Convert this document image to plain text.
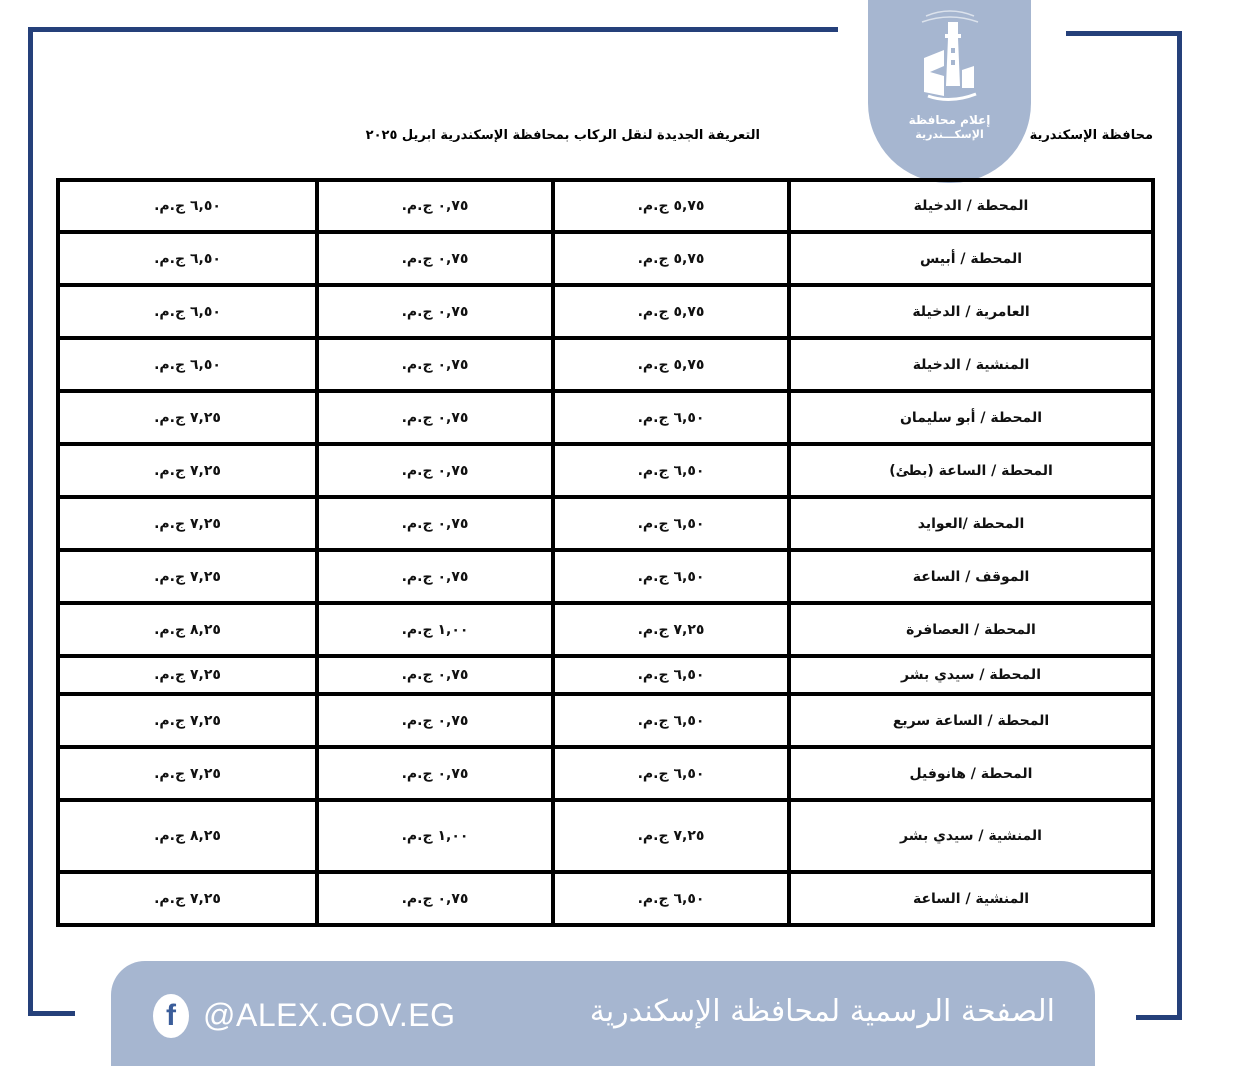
إعلام محافظة
الإسكـــندرية	محافظة الإسكندرية
التعريفة الجديدة لنقل الركاب بمحافظة الإسكندرية ابريل ٢٠٢٥
المحطة / الدخيلة	٥,٧٥ ج.م.	٠,٧٥ ج.م.	٦,٥٠ ج.م.
المحطة / أبيس	٥,٧٥ ج.م.	٠,٧٥ ج.م.	٦,٥٠ ج.م.
العامرية / الدخيلة	٥,٧٥ ج.م.	٠,٧٥ ج.م.	٦,٥٠ ج.م.
المنشية / الدخيلة	٥,٧٥ ج.م.	٠,٧٥ ج.م.	٦,٥٠ ج.م.
المحطة / أبو سليمان	٦,٥٠ ج.م.	٠,٧٥ ج.م.	٧,٢٥ ج.م.
المحطة / الساعة (بطئ)	٦,٥٠ ج.م.	٠,٧٥ ج.م.	٧,٢٥ ج.م.
المحطة /العوايد	٦,٥٠ ج.م.	٠,٧٥ ج.م.	٧,٢٥ ج.م.
الموقف / الساعة	٦,٥٠ ج.م.	٠,٧٥ ج.م.	٧,٢٥ ج.م.
المحطة / العصافرة	٧,٢٥ ج.م.	١,٠٠ ج.م.	٨,٢٥ ج.م.
المحطة / سيدي بشر	٦,٥٠ ج.م.	٠,٧٥ ج.م.	٧,٢٥ ج.م.
المحطة / الساعة سريع	٦,٥٠ ج.م.	٠,٧٥ ج.م.	٧,٢٥ ج.م.
المحطة / هانوفيل	٦,٥٠ ج.م.	٠,٧٥ ج.م.	٧,٢٥ ج.م.
المنشية / سيدي بشر	٧,٢٥ ج.م.	١,٠٠ ج.م.	٨,٢٥ ج.م.
المنشية / الساعة	٦,٥٠ ج.م.	٠,٧٥ ج.م.	٧,٢٥ ج.م.
f @ALEX.GOV.EG	الصفحة الرسمية لمحافظة الإسكندرية
